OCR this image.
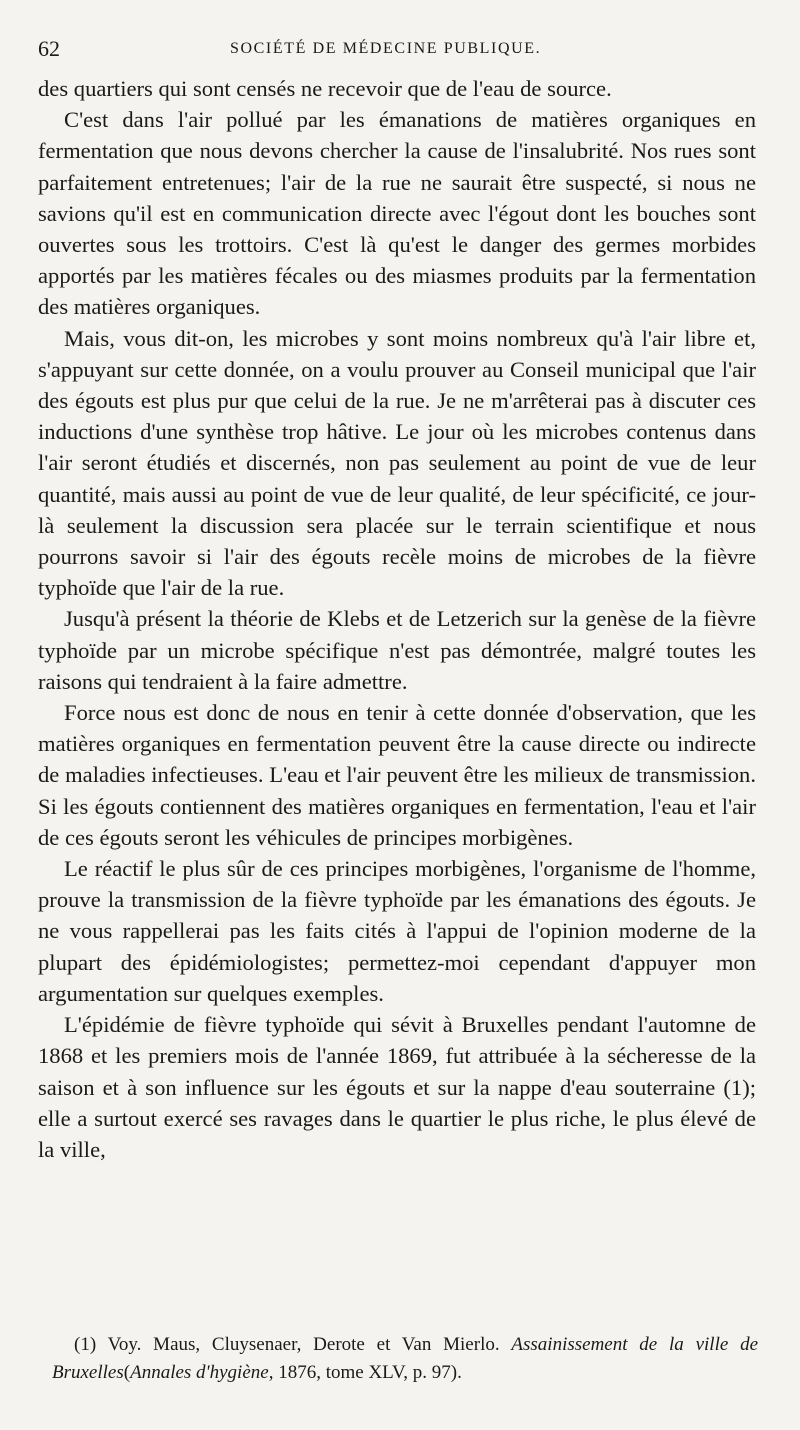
62	SOCIÉTÉ DE MÉDECINE PUBLIQUE.

des quartiers qui sont censés ne recevoir que de l'eau de source.

C'est dans l'air pollué par les émanations de matières organiques en fermentation que nous devons chercher la cause de l'insalubrité. Nos rues sont parfaitement entretenues; l'air de la rue ne saurait être suspecté, si nous ne savions qu'il est en communication directe avec l'égout dont les bouches sont ouvertes sous les trottoirs. C'est là qu'est le danger des germes morbides apportés par les matières fécales ou des miasmes produits par la fermentation des matières organiques.

Mais, vous dit-on, les microbes y sont moins nombreux qu'à l'air libre et, s'appuyant sur cette donnée, on a voulu prouver au Conseil municipal que l'air des égouts est plus pur que celui de la rue. Je ne m'arrêterai pas à discuter ces inductions d'une synthèse trop hâtive. Le jour où les microbes contenus dans l'air seront étudiés et discernés, non pas seulement au point de vue de leur quantité, mais aussi au point de vue de leur qualité, de leur spécificité, ce jour-là seulement la discussion sera placée sur le terrain scientifique et nous pourrons savoir si l'air des égouts recèle moins de microbes de la fièvre typhoïde que l'air de la rue.

Jusqu'à présent la théorie de Klebs et de Letzerich sur la genèse de la fièvre typhoïde par un microbe spécifique n'est pas démontrée, malgré toutes les raisons qui tendraient à la faire admettre.

Force nous est donc de nous en tenir à cette donnée d'observation, que les matières organiques en fermentation peuvent être la cause directe ou indirecte de maladies infectieuses. L'eau et l'air peuvent être les milieux de transmission. Si les égouts contiennent des matières organiques en fermentation, l'eau et l'air de ces égouts seront les véhicules de principes morbigènes.

Le réactif le plus sûr de ces principes morbigènes, l'organisme de l'homme, prouve la transmission de la fièvre typhoïde par les émanations des égouts. Je ne vous rappellerai pas les faits cités à l'appui de l'opinion moderne de la plupart des épidémiologistes; permettez-moi cependant d'appuyer mon argumentation sur quelques exemples.

L'épidémie de fièvre typhoïde qui sévit à Bruxelles pendant l'automne de 1868 et les premiers mois de l'année 1869, fut attribuée à la sécheresse de la saison et à son influence sur les égouts et sur la nappe d'eau souterraine (1); elle a surtout exercé ses ravages dans le quartier le plus riche, le plus élevé de la ville,

(1) Voy. Maus, Cluysenaer, Derote et Van Mierlo. Assainissement de la ville de Bruxelles(Annales d'hygiène, 1876, tome XLV, p. 97).
